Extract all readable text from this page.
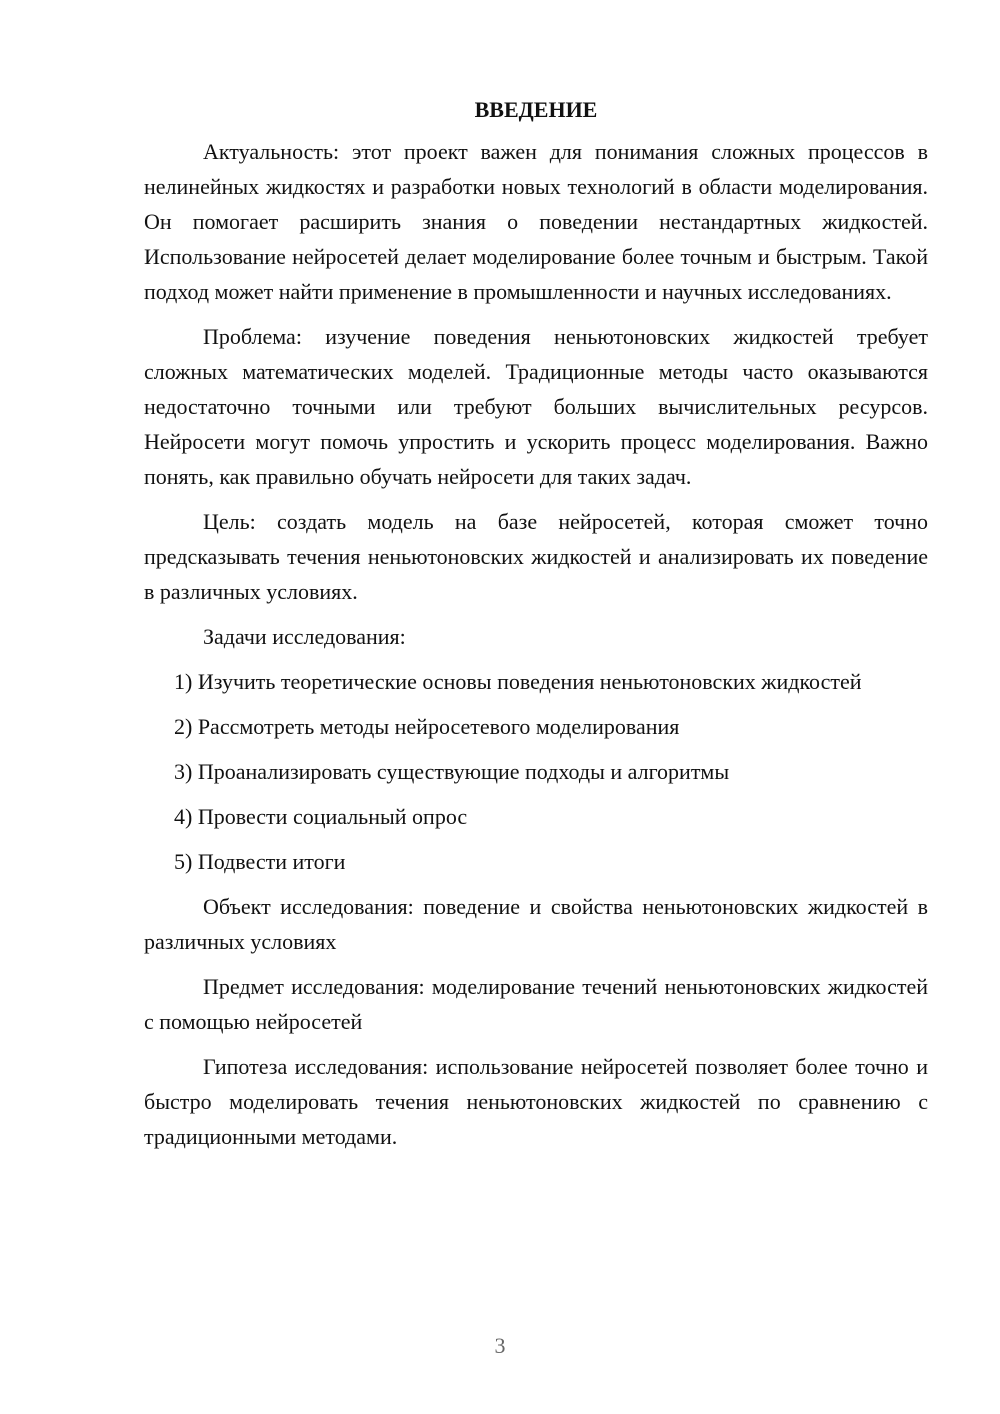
ВВЕДЕНИЕ

Актуальность: этот проект важен для понимания сложных процессов в нелинейных жидкостях и разработки новых технологий в области моделирования. Он помогает расширить знания о поведении нестандартных жидкостей. Использование нейросетей делает моделирование более точным и быстрым. Такой подход может найти применение в промышленности и научных исследованиях.

Проблема: изучение поведения неньютоновских жидкостей требует сложных математических моделей. Традиционные методы часто оказываются недостаточно точными или требуют больших вычислительных ресурсов. Нейросети могут помочь упростить и ускорить процесс моделирования. Важно понять, как правильно обучать нейросети для таких задач.

Цель: создать модель на базе нейросетей, которая сможет точно предсказывать течения неньютоновских жидкостей и анализировать их поведение в различных условиях.

Задачи исследования:

1) Изучить теоретические основы поведения неньютоновских жидкостей

2) Рассмотреть методы нейросетевого моделирования

3) Проанализировать существующие подходы и алгоритмы

4) Провести социальный опрос

5) Подвести итоги

Объект исследования: поведение и свойства неньютоновских жидкостей в различных условиях

Предмет исследования: моделирование течений неньютоновских жидкостей с помощью нейросетей

Гипотеза исследования: использование нейросетей позволяет более точно и быстро моделировать течения неньютоновских жидкостей по сравнению с традиционными методами.

3
